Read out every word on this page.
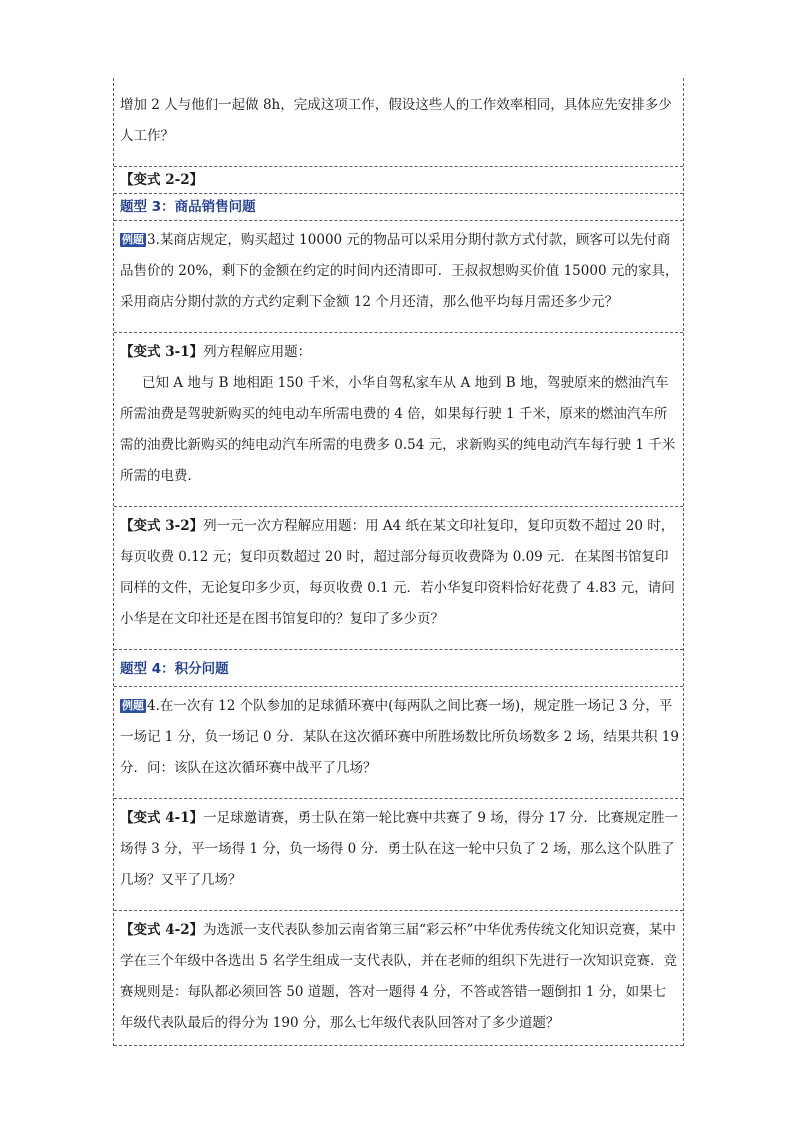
增加 2 人与他们一起做 8h，完成这项工作，假设这些人的工作效率相同，具体应先安排多少人工作？
【变式 2-2】
题型 3：商品销售问题
例题 3.某商店规定，购买超过 10000 元的物品可以采用分期付款方式付款，顾客可以先付商品售价的 20%，剩下的金额在约定的时间内还清即可．王叔叔想购买价值 15000 元的家具，采用商店分期付款的方式约定剩下金额 12 个月还清，那么他平均每月需还多少元？
【变式 3-1】列方程解应用题：
已知 A 地与 B 地相距 150 千米，小华自驾私家车从 A 地到 B 地，驾驶原来的燃油汽车所需油费是驾驶新购买的纯电动车所需电费的 4 倍，如果每行驶 1 千米，原来的燃油汽车所需的油费比新购买的纯电动汽车所需的电费多 0.54 元，求新购买的纯电动汽车每行驶 1 千米所需的电费．
【变式 3-2】列一元一次方程解应用题：用 A4 纸在某文印社复印，复印页数不超过 20 时，每页收费 0.12 元；复印页数超过 20 时，超过部分每页收费降为 0.09 元．在某图书馆复印同样的文件，无论复印多少页，每页收费 0.1 元．若小华复印资料恰好花费了 4.83 元，请问小华是在文印社还是在图书馆复印的？复印了多少页？
题型 4：积分问题
例题 4.在一次有 12 个队参加的足球循环赛中(每两队之间比赛一场)，规定胜一场记 3 分，平一场记 1 分，负一场记 0 分．某队在这次循环赛中所胜场数比所负场数多 2 场，结果共积 19 分．问：该队在这次循环赛中战平了几场？
【变式 4-1】一足球邀请赛，勇士队在第一轮比赛中共赛了 9 场，得分 17 分．比赛规定胜一场得 3 分，平一场得 1 分，负一场得 0 分．勇士队在这一轮中只负了 2 场，那么这个队胜了几场？又平了几场？
【变式 4-2】为选派一支代表队参加云南省第三届“彩云杯”中华优秀传统文化知识竞赛，某中学在三个年级中各选出 5 名学生组成一支代表队，并在老师的组织下先进行一次知识竞赛．竞赛规则是：每队都必须回答 50 道题，答对一题得 4 分，不答或答错一题倒扣 1 分，如果七年级代表队最后的得分为 190 分，那么七年级代表队回答对了多少道题？
